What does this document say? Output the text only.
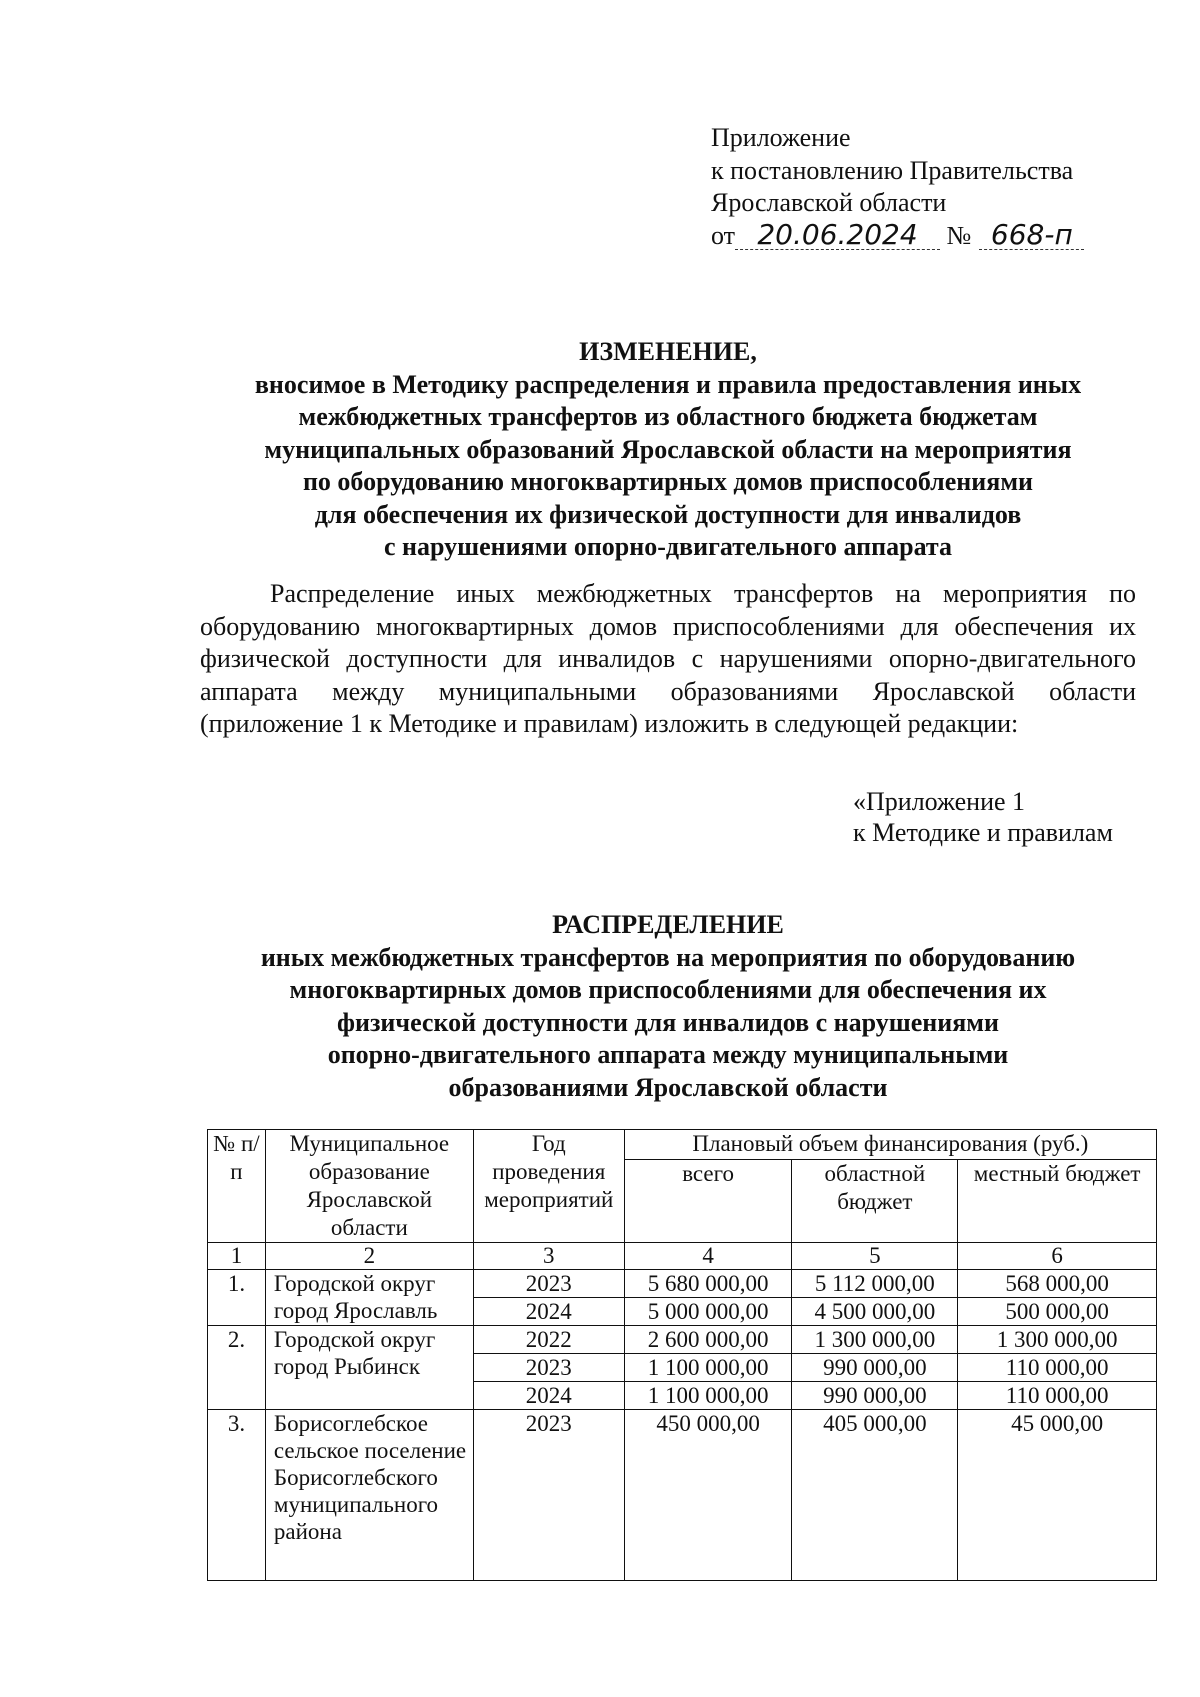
Приложение
к постановлению Правительства
Ярославской области
от 20.06.2024 № 668-п
ИЗМЕНЕНИЕ,
вносимое в Методику распределения и правила предоставления иных
межбюджетных трансфертов из областного бюджета бюджетам
муниципальных образований Ярославской области на мероприятия
по оборудованию многоквартирных домов приспособлениями
для обеспечения их физической доступности для инвалидов
с нарушениями опорно-двигательного аппарата
Распределение иных межбюджетных трансфертов на мероприятия по оборудованию многоквартирных домов приспособлениями для обеспечения их физической доступности для инвалидов с нарушениями опорно-двигательного аппарата между муниципальными образованиями Ярославской области (приложение 1 к Методике и правилам) изложить в следующей редакции:
«Приложение 1
к Методике и правилам
РАСПРЕДЕЛЕНИЕ
иных межбюджетных трансфертов на мероприятия по оборудованию
многоквартирных домов приспособлениями для обеспечения их
физической доступности для инвалидов с нарушениями
опорно-двигательного аппарата между муниципальными
образованиями Ярославской области
№ п/п	Муниципальное образование Ярославской области	Год проведения мероприятий	Плановый объем финансирования (руб.)		
			всего	областной бюджет	местный бюджет
1	2	3	4	5	6
1.	Городской округ город Ярославль	2023	5 680 000,00	5 112 000,00	568 000,00
		2024	5 000 000,00	4 500 000,00	500 000,00
2.	Городской округ город Рыбинск	2022	2 600 000,00	1 300 000,00	1 300 000,00
		2023	1 100 000,00	990 000,00	110 000,00
		2024	1 100 000,00	990 000,00	110 000,00
3.	Борисоглебское сельское поселение Борисоглебского муниципального района	2023	450 000,00	405 000,00	45 000,00
